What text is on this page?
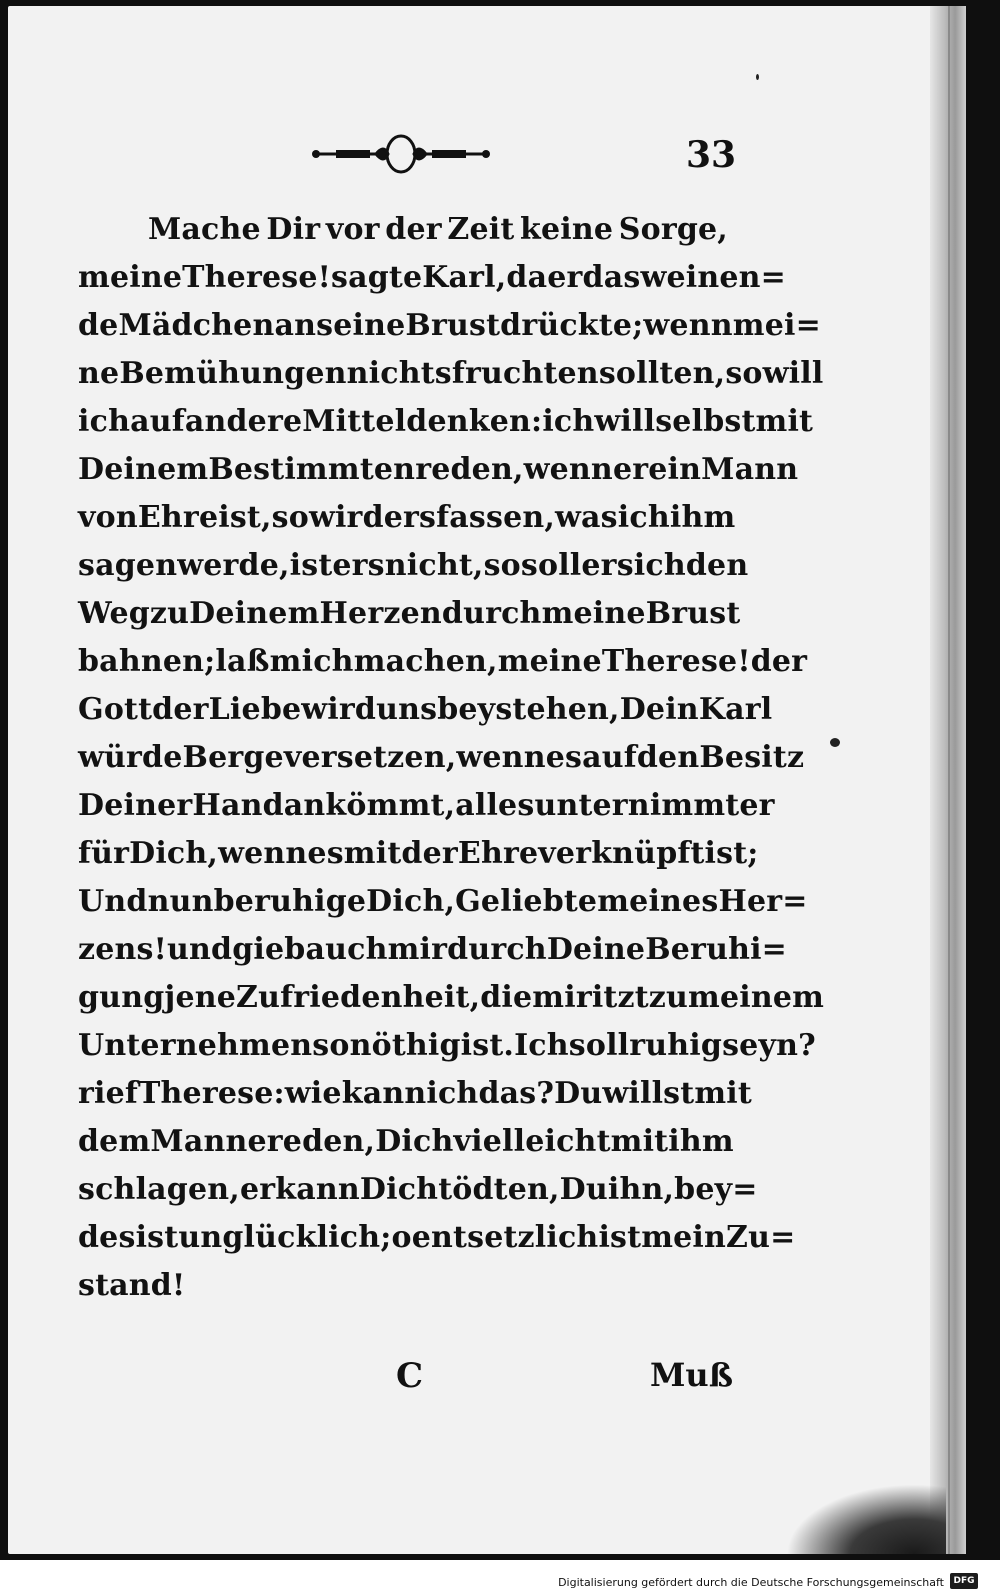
33
Mache Dir vor der Zeit keine Sorge,
meine Therese! sagte Karl, da er das weinen=
de Mädchen an seine Brust drückte; wenn mei=
ne Bemühungen nichts fruchten sollten, so will
ich auf andere Mittel denken: ich will selbst mit
Deinem Bestimmten reden, wenn er ein Mann
von Ehre ist, so wird ers fassen, was ich ihm
sagen werde, ist ers nicht, so soll er sich den
Weg zu Deinem Herzen durch meine Brust
bahnen; laß mich machen, meine Therese! der
Gott der Liebe wird uns beystehen, Dein Karl
würde Berge versetzen, wenn es auf den Besitz
Deiner Hand ankömmt, alles unternimmt er
für Dich, wenn es mit der Ehre verknüpft ist;
Und nun beruhige Dich, Geliebte meines Her=
zens! und gieb auch mir durch Deine Beruhi=
gung jene Zufriedenheit, die mir itzt zu meinem
Unternehmen so nöthig ist. Ich soll ruhig seyn?
rief Therese: wie kann ich das? Du willst mit
dem Manne reden, Dich vielleicht mit ihm
schlagen, er kann Dich tödten, Du ihn, bey=
des ist unglücklich; o entsetzlich ist mein Zu=
stand!
C	Muß
Digitalisierung gefördert durch die Deutsche Forschungsgemeinschaft	DFG
